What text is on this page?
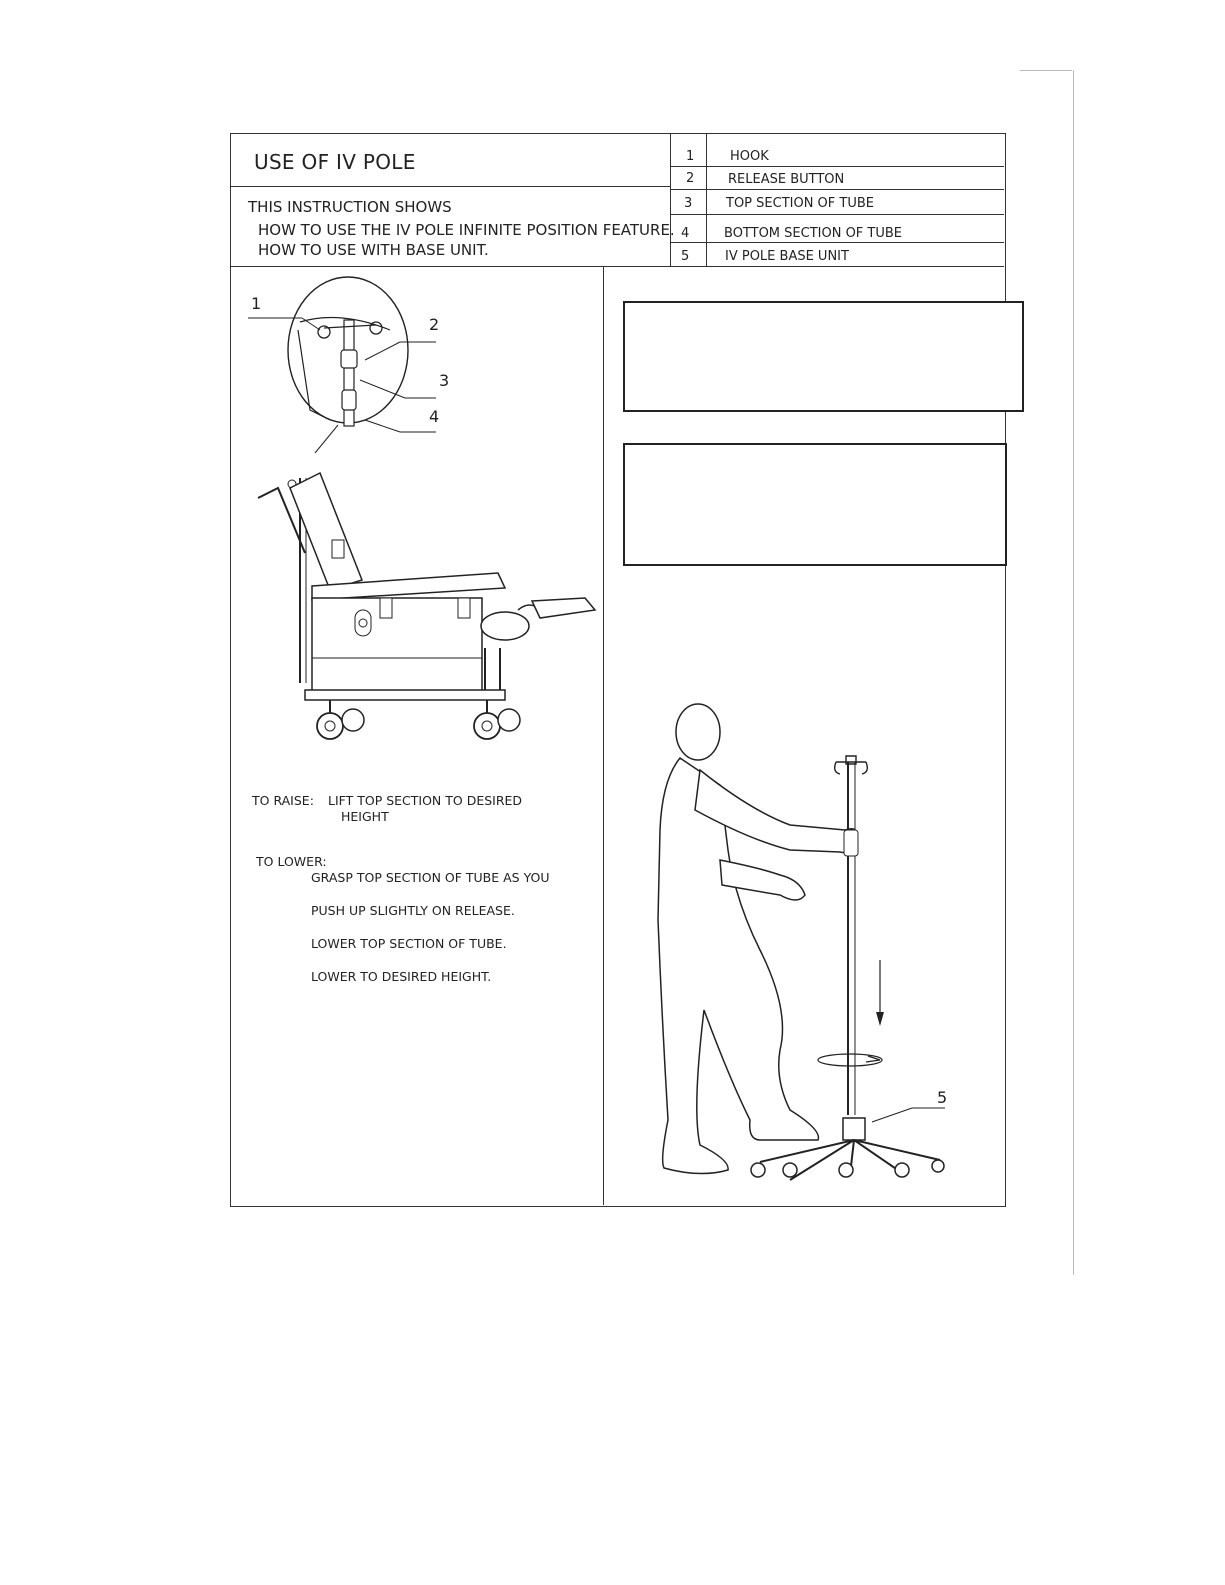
USE OF IV POLE
THIS INSTRUCTION SHOWS
HOW TO USE THE IV POLE INFINITE POSITION FEATURE.
HOW TO USE WITH BASE UNIT.
1	HOOK
2	RELEASE BUTTON
3	TOP SECTION OF TUBE
4	BOTTOM SECTION OF TUBE
5	IV POLE BASE UNIT
1
2
3
4
5
TO RAISE: LIFT TOP SECTION TO DESIRED
HEIGHT
TO LOWER:
GRASP TOP SECTION OF TUBE AS YOU
PUSH UP SLIGHTLY ON RELEASE.
LOWER TOP SECTION OF TUBE.
LOWER TO DESIRED HEIGHT.
